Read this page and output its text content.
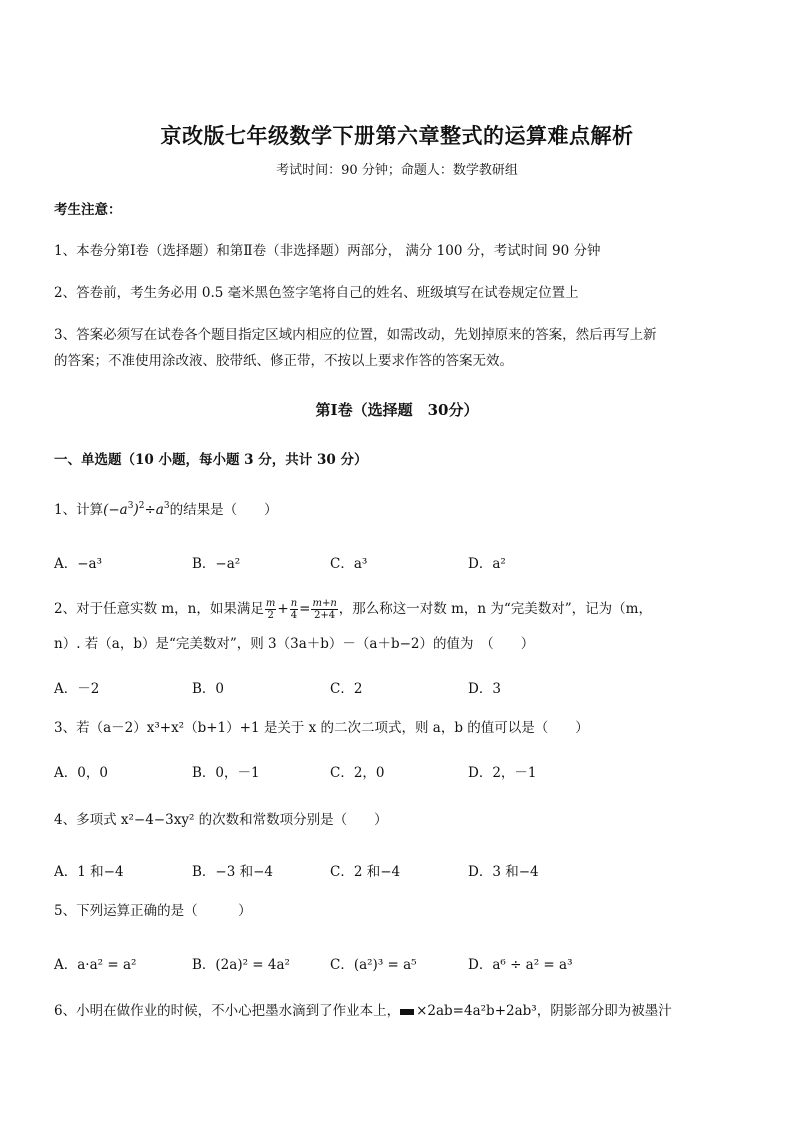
京改版七年级数学下册第六章整式的运算难点解析
考试时间：90 分钟；命题人：数学教研组
考生注意：
1、本卷分第Ⅰ卷（选择题）和第Ⅱ卷（非选择题）两部分， 满分 100 分，考试时间 90 分钟
2、答卷前，考生务必用 0.5 毫米黑色签字笔将自己的姓名、班级填写在试卷规定位置上
3、答案必须写在试卷各个题目指定区域内相应的位置，如需改动，先划掉原来的答案，然后再写上新
的答案；不准使用涂改液、胶带纸、修正带，不按以上要求作答的答案无效。
第Ⅰ卷（选择题　30分）
一、单选题（10 小题，每小题 3 分，共计 30 分）
1、计算$(-a^3)^2\div a^3$的结果是（　　）
A．−a³	B．−a²	C．a³	D．a²
2、对于任意实数 m，n，如果满足 $\frac{m}{2} + \frac{n}{4} = \frac{m+n}{2+4}$ ，那么称这一对数 m，n 为“完美数对”，记为（m，
n）. 若（a，b）是“完美数对”，则 3（3a＋b）－（a＋b−2）的值为　（　　）
A．－2	B．0	C．2	D．3
3、若（a－2）x³+x²（b+1）+1 是关于 x 的二次二项式，则 a，b 的值可以是（　　）
A．0，0	B．0，－1	C．2，0	D．2，－1
4、多项式 x²−4−3xy² 的次数和常数项分别是（　　）
A．1 和−4	B．−3 和−4	C．2 和−4	D．3 和−4
5、下列运算正确的是（　　　）
A．a·a² = a²	B．(2a)² = 4a²	C．(a²)³ = a⁵	D．a⁶ ÷ a² = a³
6、小明在做作业的时候，不小心把墨水滴到了作业本上， ×2ab=4a²b+2ab³，阴影部分即为被墨汁
